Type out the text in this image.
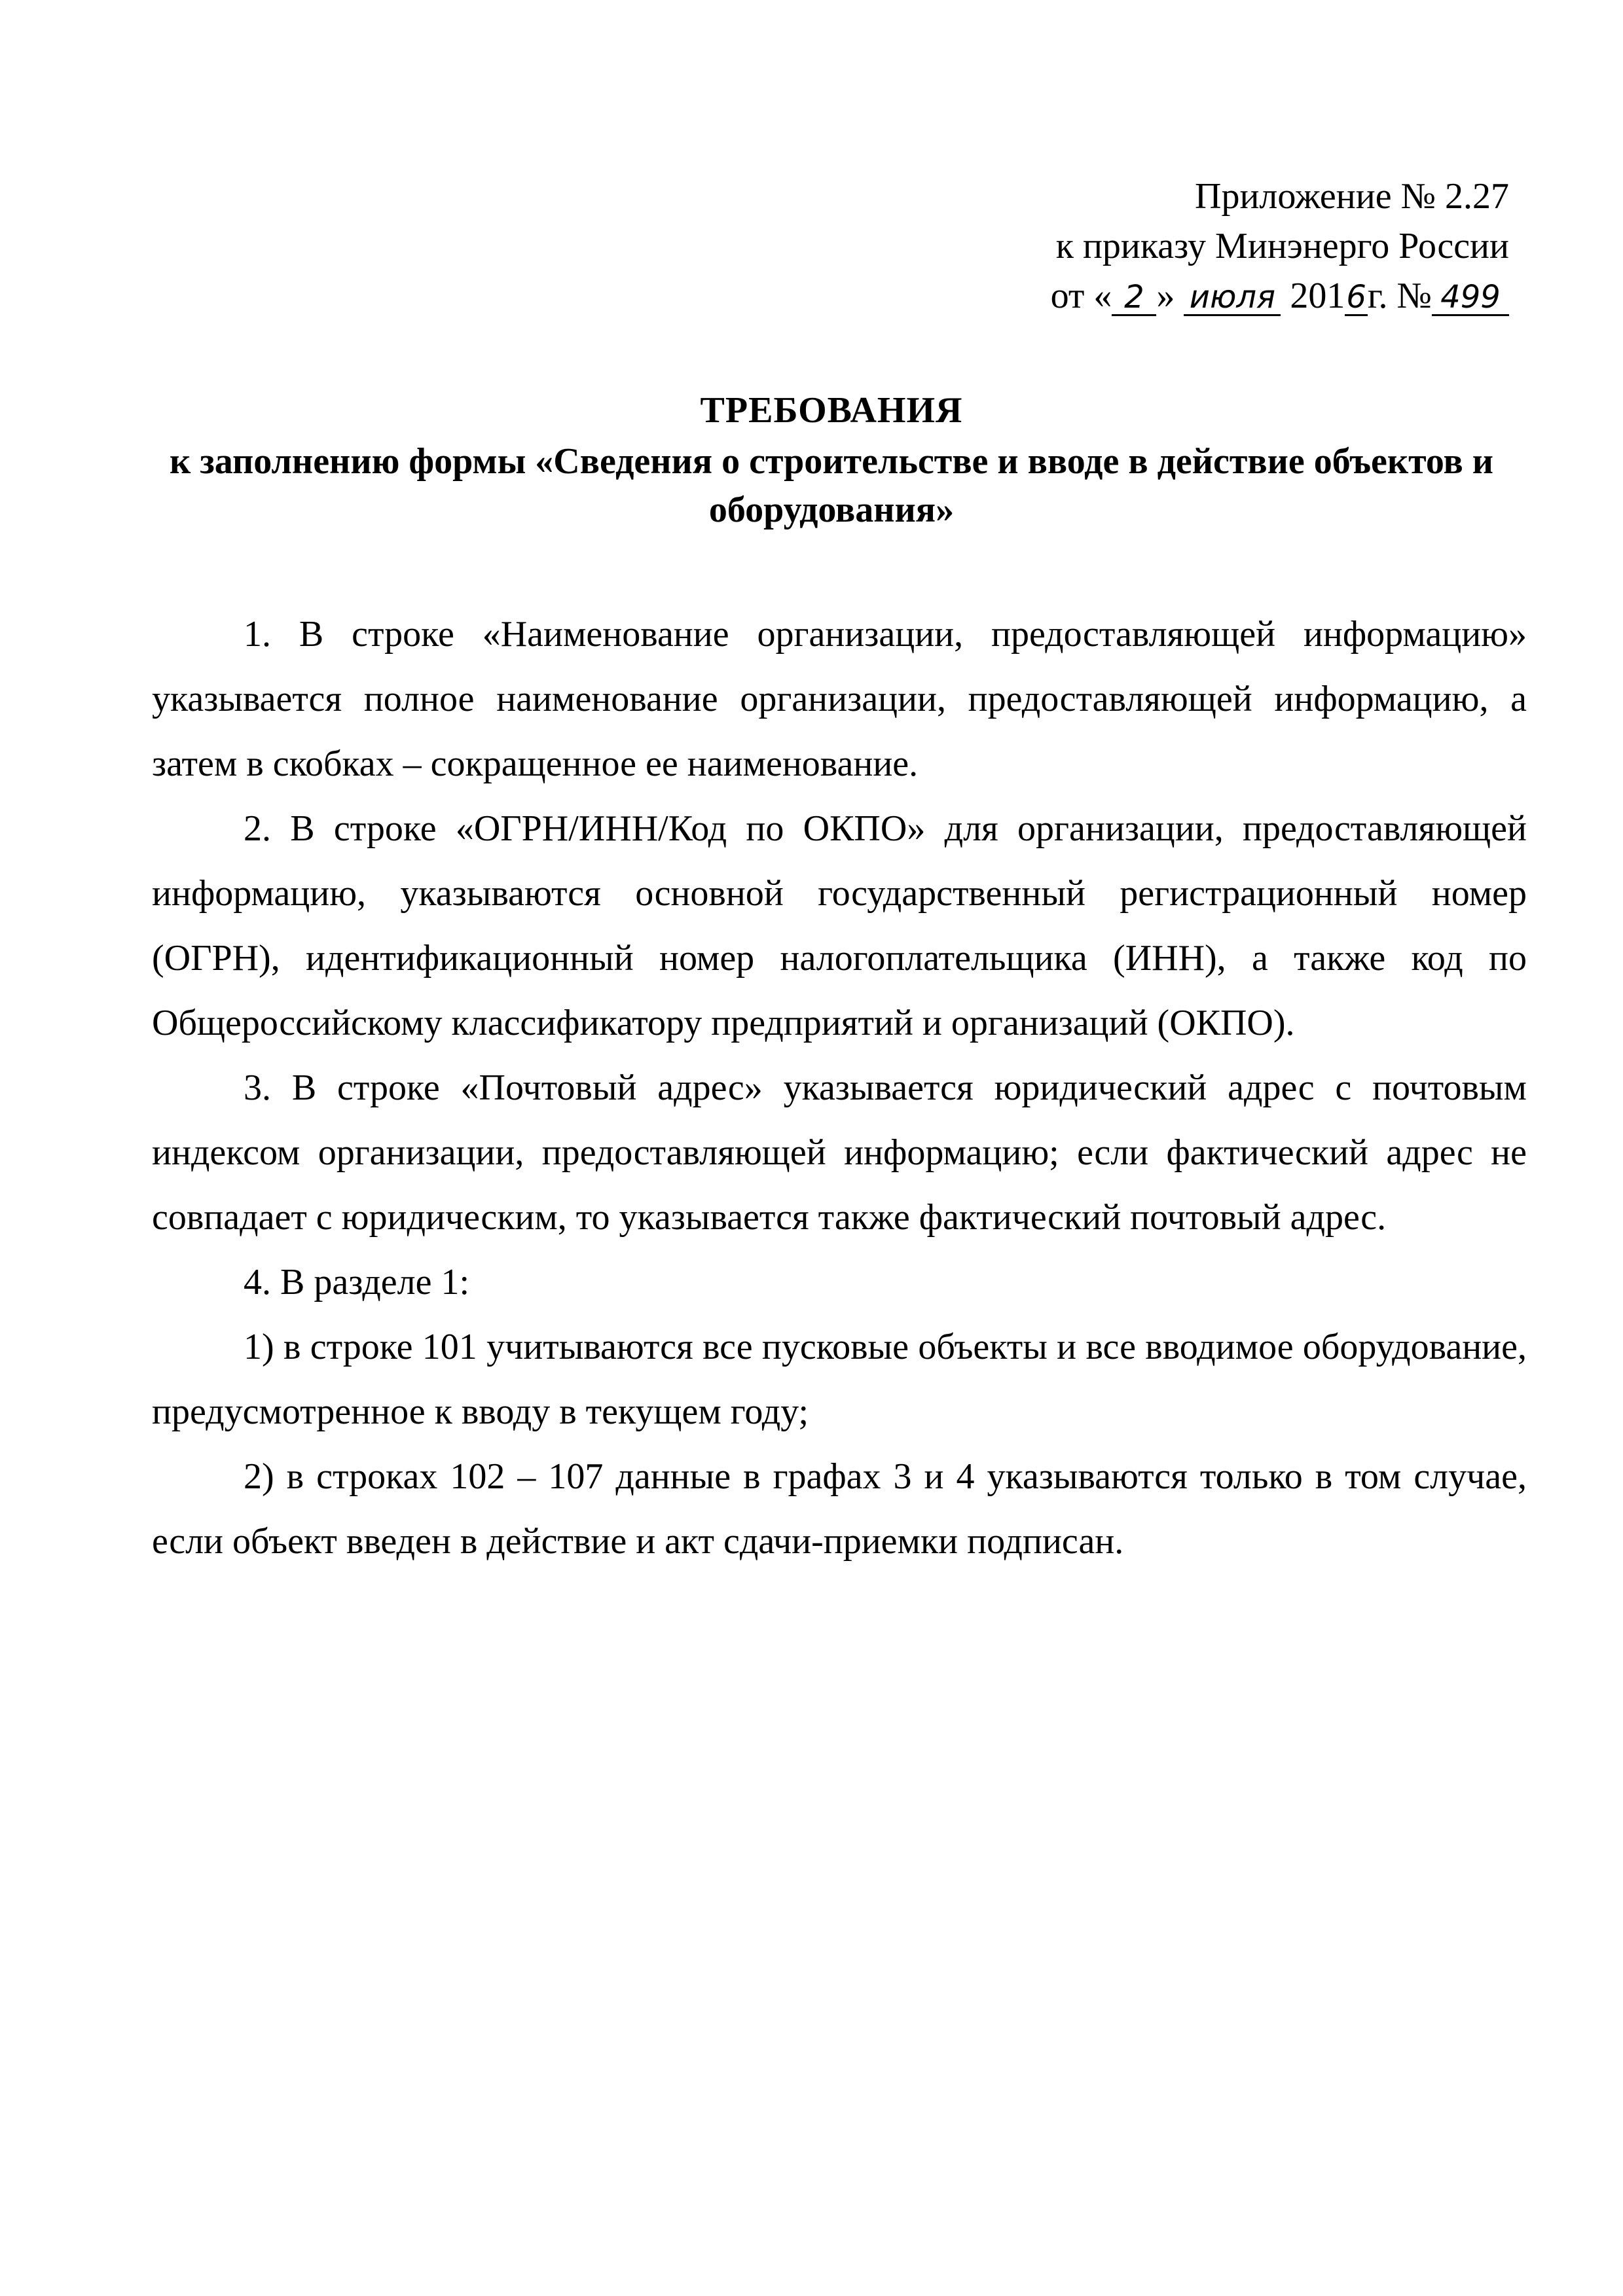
Приложение № 2.27
к приказу Минэнерго России
от « 2 » июля 2016г. № 499
ТРЕБОВАНИЯ
к заполнению формы «Сведения о строительстве и вводе в действие объектов и оборудования»

1. В строке «Наименование организации, предоставляющей информацию» указывается полное наименование организации, предоставляющей информацию, а затем в скобках – сокращенное ее наименование.

2. В строке «ОГРН/ИНН/Код по ОКПО» для организации, предоставляющей информацию, указываются основной государственный регистрационный номер (ОГРН), идентификационный номер налогоплательщика (ИНН), а также код по Общероссийскому классификатору предприятий и организаций (ОКПО).

3. В строке «Почтовый адрес» указывается юридический адрес с почтовым индексом организации, предоставляющей информацию; если фактический адрес не совпадает с юридическим, то указывается также фактический почтовый адрес.

4. В разделе 1:

1) в строке 101 учитываются все пусковые объекты и все вводимое оборудование, предусмотренное к вводу в текущем году;

2) в строках 102 – 107 данные в графах 3 и 4 указываются только в том случае, если объект введен в действие и акт сдачи-приемки подписан.
